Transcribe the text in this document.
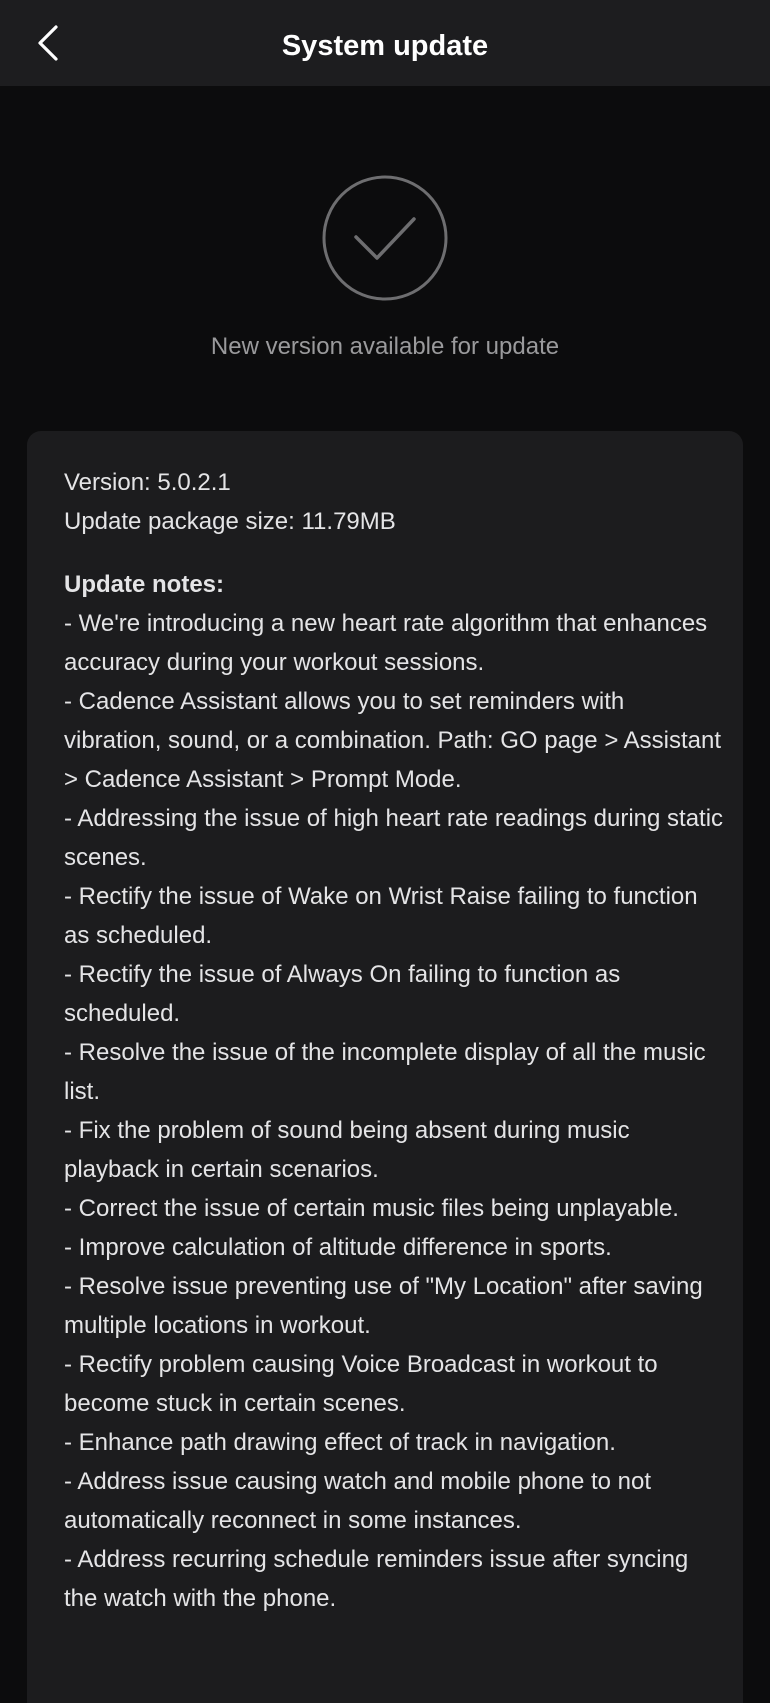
System update
New version available for update
Version: 5.0.2.1
Update package size: 11.79MB
Update notes:
- We're introducing a new heart rate algorithm that enhances accuracy during your workout sessions.
- Cadence Assistant allows you to set reminders with vibration, sound, or a combination. Path: GO page > Assistant > Cadence Assistant > Prompt Mode.
- Addressing the issue of high heart rate readings during static scenes.
- Rectify the issue of Wake on Wrist Raise failing to function as scheduled.
- Rectify the issue of Always On failing to function as scheduled.
- Resolve the issue of the incomplete display of all the music list.
- Fix the problem of sound being absent during music playback in certain scenarios.
- Correct the issue of certain music files being unplayable.
- Improve calculation of altitude difference in sports.
- Resolve issue preventing use of "My Location" after saving multiple locations in workout.
- Rectify problem causing Voice Broadcast in workout to become stuck in certain scenes.
- Enhance path drawing effect of track in navigation.
- Address issue causing watch and mobile phone to not automatically reconnect in some instances.
- Address recurring schedule reminders issue after syncing the watch with the phone.
